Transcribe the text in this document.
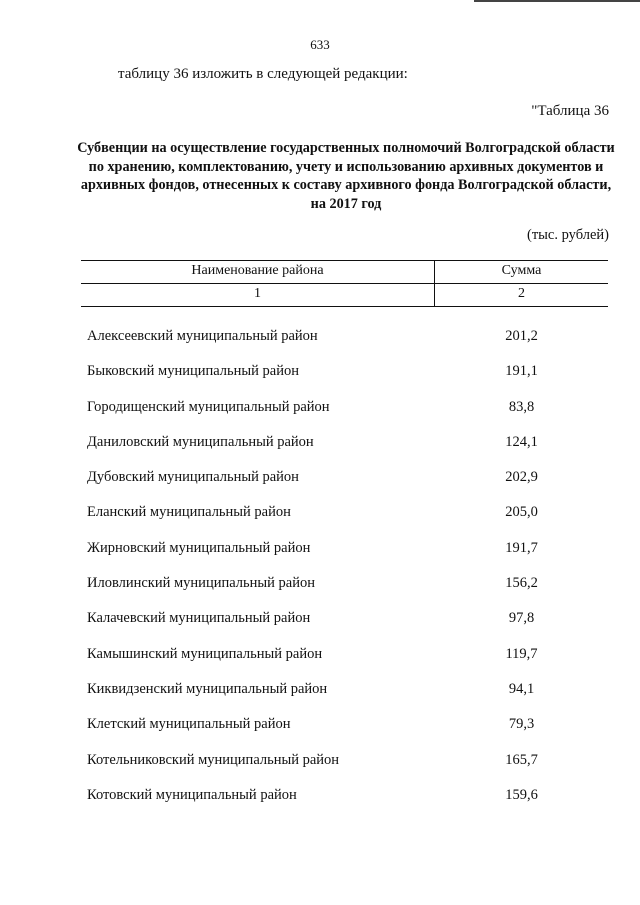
633
таблицу 36 изложить в следующей редакции:
"Таблица 36
Субвенции на осуществление государственных полномочий Волгоградской области по хранению, комплектованию, учету и использованию архивных документов и архивных фондов, отнесенных к составу архивного фонда Волгоградской области, на 2017 год
(тыс. рублей)
Наименование района	Сумма
1	2
Алексеевский муниципальный район	201,2
Быковский муниципальный район	191,1
Городищенский муниципальный район	83,8
Даниловский муниципальный район	124,1
Дубовский муниципальный район	202,9
Еланский муниципальный район	205,0
Жирновский муниципальный район	191,7
Иловлинский муниципальный район	156,2
Калачевский муниципальный район	97,8
Камышинский муниципальный район	119,7
Киквидзенский муниципальный район	94,1
Клетский муниципальный район	79,3
Котельниковский муниципальный район	165,7
Котовский муниципальный район	159,6
